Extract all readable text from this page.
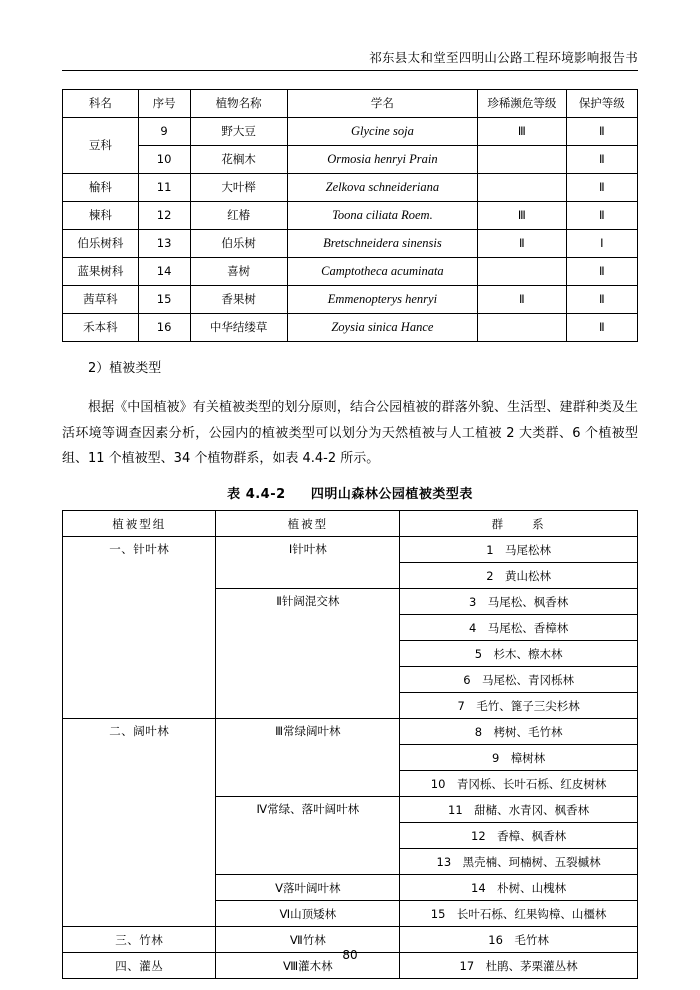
祁东县太和堂至四明山公路工程环境影响报告书
科名	序号	植物名称	学名	珍稀濒危等级	保护等级
豆科	9	野大豆	Glycine soja	Ⅲ	Ⅱ
	10	花榈木	Ormosia henryi Prain		Ⅱ
榆科	11	大叶榉	Zelkova schneideriana		Ⅱ
楝科	12	红椿	Toona ciliata Roem.	Ⅲ	Ⅱ
伯乐树科	13	伯乐树	Bretschneidera sinensis	Ⅱ	Ⅰ
蓝果树科	14	喜树	Camptotheca acuminata		Ⅱ
茜草科	15	香果树	Emmenopterys henryi	Ⅱ	Ⅱ
禾本科	16	中华结缕草	Zoysia sinica Hance		Ⅱ
2）植被类型
根据《中国植被》有关植被类型的划分原则，结合公园植被的群落外貌、生活型、建群种类及生活环境等调查因素分析，公园内的植被类型可以划分为天然植被与人工植被 2 大类群、6 个植被型组、11 个植被型、34 个植物群系，如表 4.4-2 所示。
表 4.4-2 四明山森林公园植被类型表
植被型组	植被型	群　　系
一、针叶林	Ⅰ针叶林	1　马尾松林
		2　黄山松林
	Ⅱ针阔混交林	3　马尾松、枫香林
		4　马尾松、香樟林
		5　杉木、檫木林
		6　马尾松、青冈栎林
		7　毛竹、篦子三尖杉林
二、阔叶林	Ⅲ常绿阔叶林	8　栲树、毛竹林
		9　樟树林
		10　青冈栎、长叶石栎、红皮树林
	Ⅳ常绿、落叶阔叶林	11　甜槠、水青冈、枫香林
		12　香樟、枫香林
		13　黑壳楠、珂楠树、五裂槭林
	Ⅴ落叶阔叶林	14　朴树、山槐林
	Ⅵ山顶矮林	15　长叶石栎、红果钩樟、山橿林
三、竹林	Ⅶ竹林	16　毛竹林
四、灌丛	Ⅷ灌木林	17　杜鹃、茅栗灌丛林
80
